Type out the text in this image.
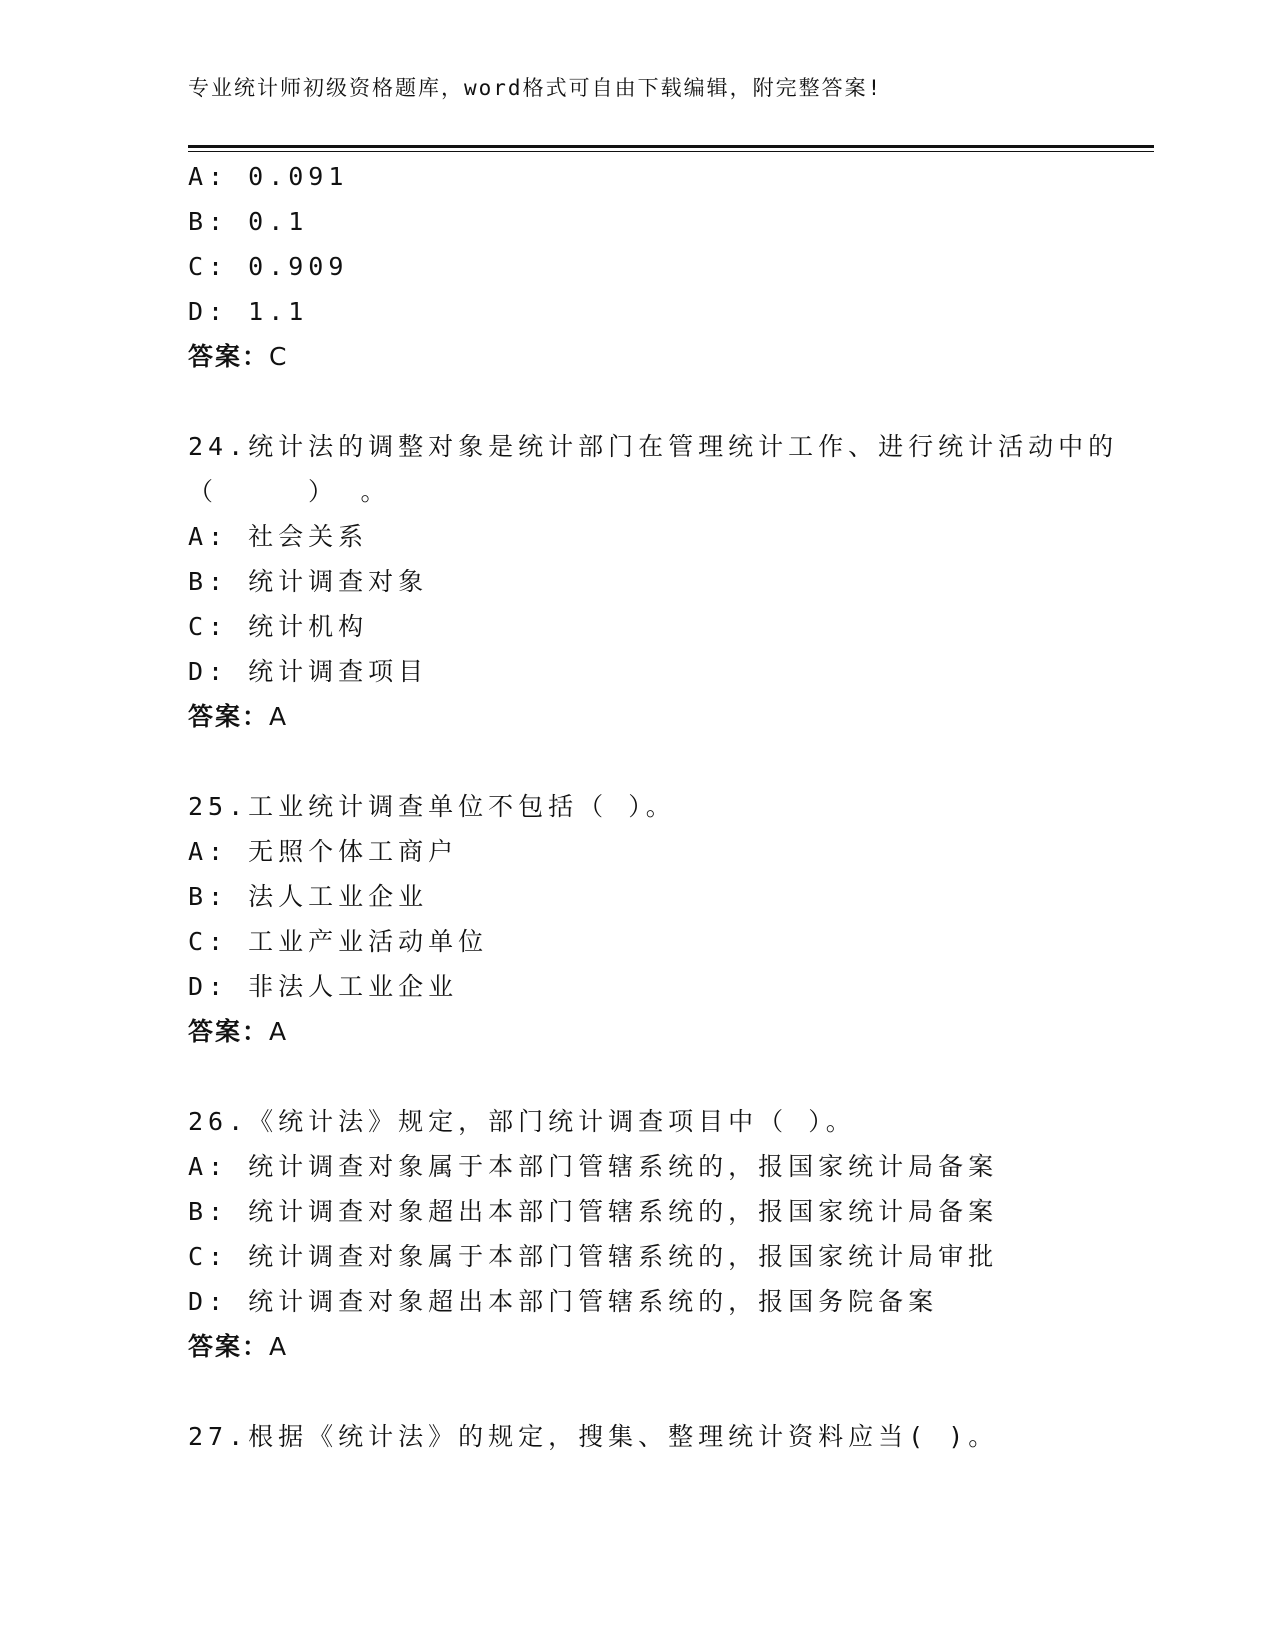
专业统计师初级资格题库，word格式可自由下载编辑，附完整答案!
A: 0.091
B: 0.1
C: 0.909
D: 1.1
答案：C
24.统计法的调整对象是统计部门在管理统计工作、进行统计活动中的
（ ）。
A: 社会关系
B: 统计调查对象
C: 统计机构
D: 统计调查项目
答案：A
25.工业统计调查单位不包括（ ）。
A: 无照个体工商户
B: 法人工业企业
C: 工业产业活动单位
D: 非法人工业企业
答案：A
26.《统计法》规定，部门统计调查项目中（ ）。
A: 统计调查对象属于本部门管辖系统的，报国家统计局备案
B: 统计调查对象超出本部门管辖系统的，报国家统计局备案
C: 统计调查对象属于本部门管辖系统的，报国家统计局审批
D: 统计调查对象超出本部门管辖系统的，报国务院备案
答案：A
27.根据《统计法》的规定，搜集、整理统计资料应当( )。
